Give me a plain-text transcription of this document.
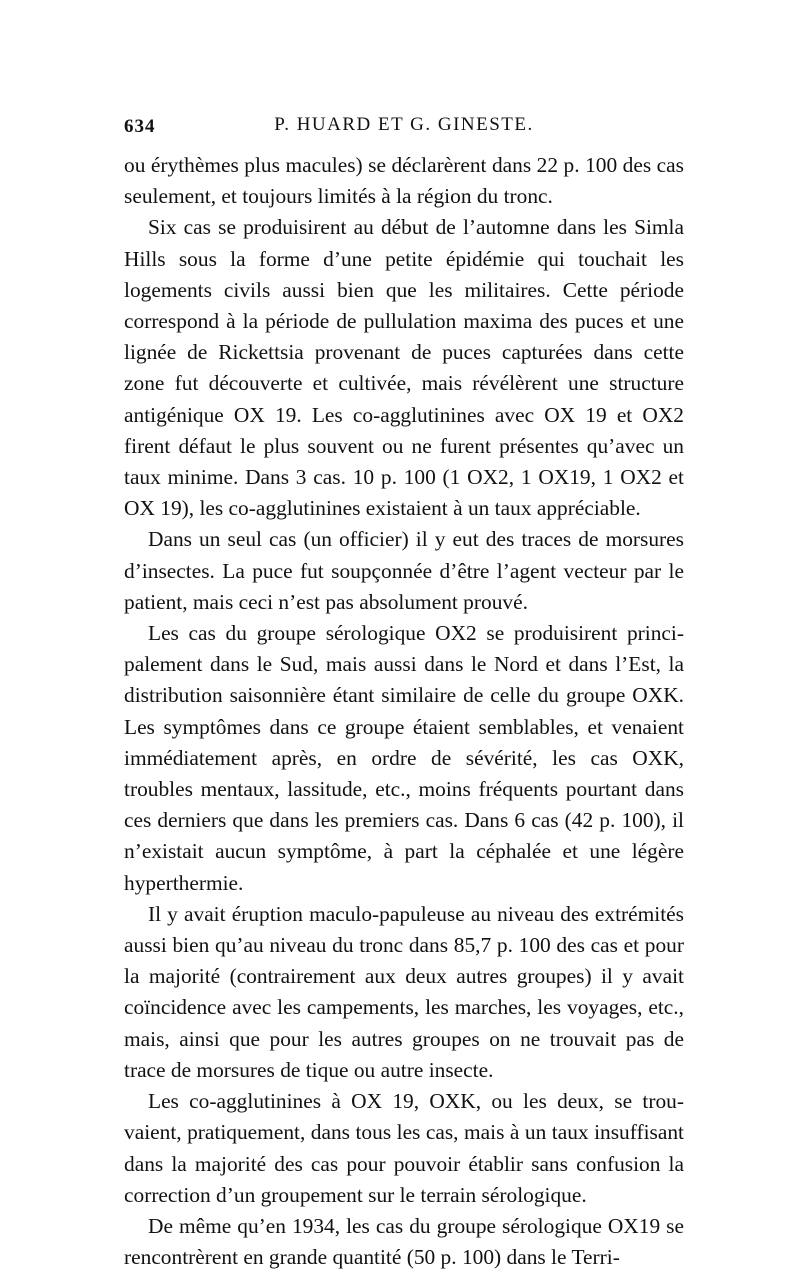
634	P. HUARD ET G. GINESTE.

ou érythèmes plus macules) se déclarèrent dans 22 p. 100 des cas seulement, et toujours limités à la région du tronc.

Six cas se produisirent au début de l’automne dans les Simla Hills sous la forme d’une petite épidémie qui touchait les logements civils aussi bien que les militaires. Cette période correspond à la période de pullulation maxima des puces et une lignée de Rickettsia provenant de puces capturées dans cette zone fut découverte et cultivée, mais révélèrent une structure antigénique OX 19. Les co-agglutinines avec OX 19 et OX2 firent défaut le plus souvent ou ne furent présentes qu’avec un taux minime. Dans 3 cas. 10 p. 100 (1 OX2, 1 OX19, 1 OX2 et OX 19), les co-agglutinines existaient à un taux appréciable.

Dans un seul cas (un officier) il y eut des traces de morsures d’insectes. La puce fut soupçonnée d’être l’agent vecteur par le patient, mais ceci n’est pas absolument prouvé.

Les cas du groupe sérologique OX2 se produisirent principalement dans le Sud, mais aussi dans le Nord et dans l’Est, la distribution saisonnière étant similaire de celle du groupe OXK. Les symptômes dans ce groupe étaient semblables, et venaient immédiatement après, en ordre de sévérité, les cas OXK, troubles mentaux, lassitude, etc., moins fréquents pourtant dans ces derniers que dans les premiers cas. Dans 6 cas (42 p. 100), il n’existait aucun symptôme, à part la céphalée et une légère hyperthermie.

Il y avait éruption maculo-papuleuse au niveau des extrémités aussi bien qu’au niveau du tronc dans 85,7 p. 100 des cas et pour la majorité (contrairement aux deux autres groupes) il y avait coïncidence avec les campements, les marches, les voyages, etc., mais, ainsi que pour les autres groupes on ne trouvait pas de trace de morsures de tique ou autre insecte.

Les co-agglutinines à OX 19, OXK, ou les deux, se trouvaient, pratiquement, dans tous les cas, mais à un taux insuffisant dans la majorité des cas pour pouvoir établir sans confusion la correction d’un groupement sur le terrain sérologique.

De même qu’en 1934, les cas du groupe sérologique OX19 se rencontrèrent en grande quantité (50 p. 100) dans le Terri-
